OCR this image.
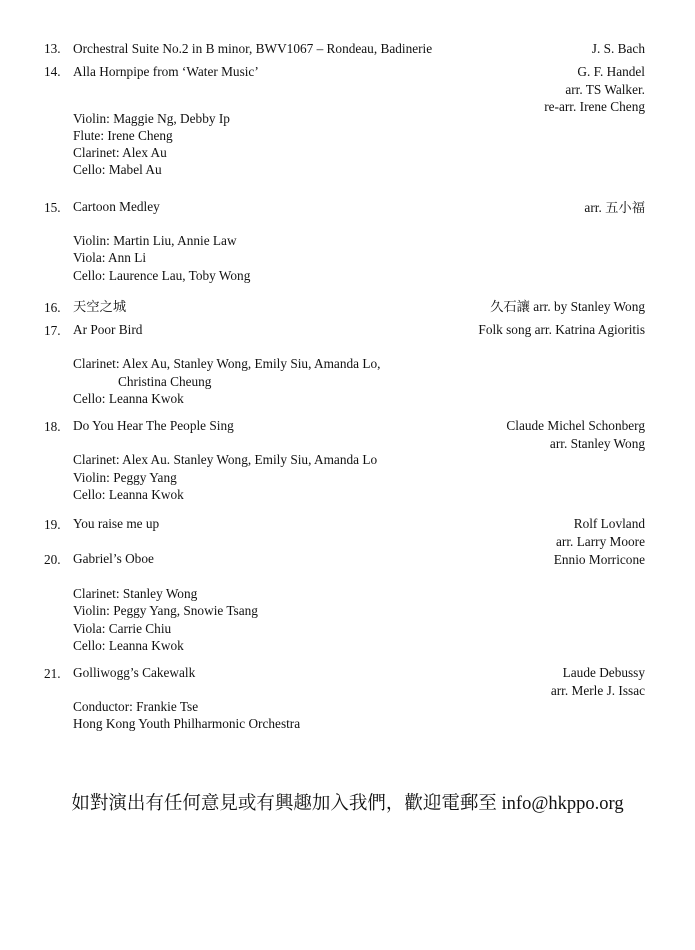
13. Orchestral Suite No.2 in B minor, BWV1067 – Rondeau, Badinerie	J. S. Bach
14. Alla Hornpipe from ‘Water Music’	G. F. Handel
arr. TS Walker.
re-arr. Irene Cheng
Violin: Maggie Ng, Debby Ip
Flute: Irene Cheng
Clarinet: Alex Au
Cello: Mabel Au
15. Cartoon Medley	arr. 五小福
Violin: Martin Liu, Annie Law
Viola: Ann Li
Cello: Laurence Lau, Toby Wong
16. 天空之城	久石讓 arr. by Stanley Wong
17. Ar Poor Bird	Folk song arr. Katrina Agioritis
Clarinet: Alex Au, Stanley Wong, Emily Siu, Amanda Lo,
Christina Cheung
Cello: Leanna Kwok
18. Do You Hear The People Sing	Claude Michel Schonberg
arr. Stanley Wong
Clarinet: Alex Au. Stanley Wong, Emily Siu, Amanda Lo
Violin: Peggy Yang
Cello: Leanna Kwok
19. You raise me up	Rolf Lovland
arr. Larry Moore
20. Gabriel’s Oboe	Ennio Morricone
Clarinet: Stanley Wong
Violin: Peggy Yang, Snowie Tsang
Viola: Carrie Chiu
Cello: Leanna Kwok
21. Golliwogg’s Cakewalk	Laude Debussy
arr. Merle J. Issac
Conductor: Frankie Tse
Hong Kong Youth Philharmonic Orchestra
如對演出有任何意見或有興趣加入我們，歡迎電郵至 info@hkppo.org
